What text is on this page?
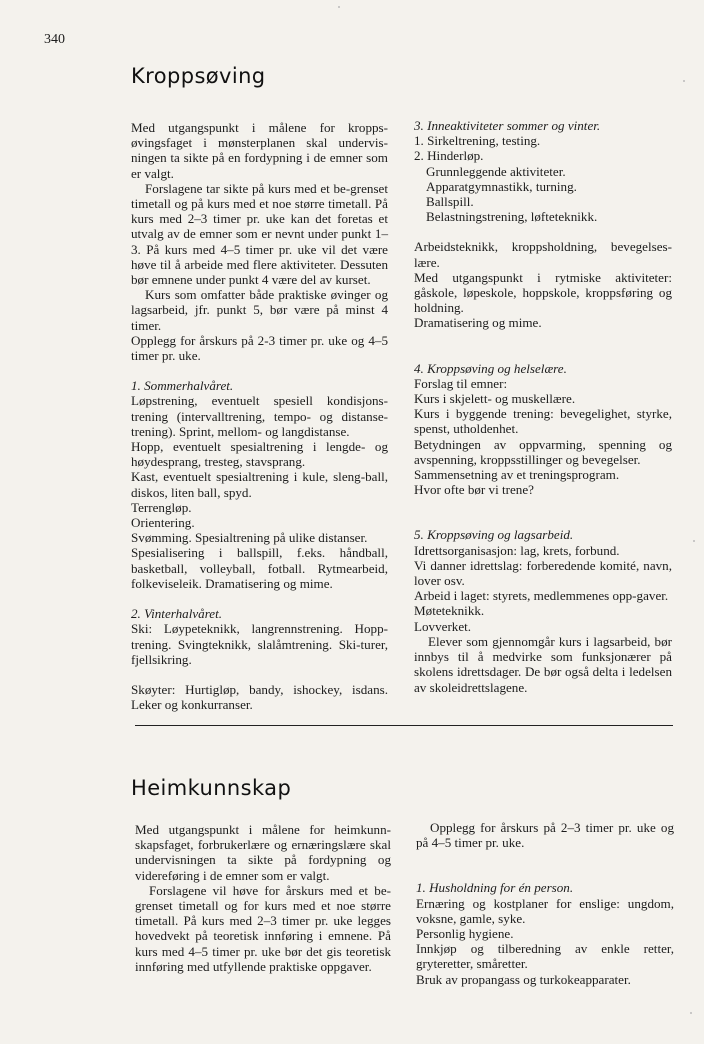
340
Kroppsøving

Med utgangspunkt i målene for kropps-øvingsfaget i mønsterplanen skal undervis-ningen ta sikte på en fordypning i de emner som er valgt.

Forslagene tar sikte på kurs med et be-grenset timetall og på kurs med et noe større timetall. På kurs med 2–3 timer pr. uke kan det foretas et utvalg av de emner som er nevnt under punkt 1–3. På kurs med 4–5 timer pr. uke vil det være høve til å arbeide med flere aktiviteter. Dessuten bør emnene under punkt 4 være del av kurset.

Kurs som omfatter både praktiske øvinger og lagsarbeid, jfr. punkt 5, bør være på minst 4 timer.

Opplegg for årskurs på 2-3 timer pr. uke og 4–5 timer pr. uke.

1. Sommerhalvåret.

Løpstrening, eventuelt spesiell kondisjons-trening (intervalltrening, tempo- og distanse-trening). Sprint, mellom- og langdistanse.

Hopp, eventuelt spesialtrening i lengde- og høydesprang, tresteg, stavsprang.

Kast, eventuelt spesialtrening i kule, sleng-ball, diskos, liten ball, spyd.

Terrengløp.

Orientering.

Svømming. Spesialtrening på ulike distanser.

Spesialisering i ballspill, f.eks. håndball, basketball, volleyball, fotball. Rytmearbeid, folkeviseleik. Dramatisering og mime.

2. Vinterhalvåret.

Ski: Løypeteknikk, langrennstrening. Hopp-trening. Svingteknikk, slalåmtrening. Ski-turer, fjellsikring.

Skøyter: Hurtigløp, bandy, ishockey, isdans. Leker og konkurranser.

3. Inneaktiviteter sommer og vinter.

1. Sirkeltrening, testing.

2. Hinderløp.

Grunnleggende aktiviteter.

Apparatgymnastikk, turning.

Ballspill.

Belastningstrening, løfteteknikk.

Arbeidsteknikk, kroppsholdning, bevegelses-lære.

Med utgangspunkt i rytmiske aktiviteter: gåskole, løpeskole, hoppskole, kroppsføring og holdning.

Dramatisering og mime.

4. Kroppsøving og helselære.

Forslag til emner:

Kurs i skjelett- og muskellære.

Kurs i byggende trening: bevegelighet, styrke, spenst, utholdenhet.

Betydningen av oppvarming, spenning og avspenning, kroppsstillinger og bevegelser.

Sammensetning av et treningsprogram.

Hvor ofte bør vi trene?

5. Kroppsøving og lagsarbeid.

Idrettsorganisasjon: lag, krets, forbund.

Vi danner idrettslag: forberedende komité, navn, lover osv.

Arbeid i laget: styrets, medlemmenes opp-gaver.

Møteteknikk.

Lovverket.

Elever som gjennomgår kurs i lagsarbeid, bør innbys til å medvirke som funksjonærer på skolens idrettsdager. De bør også delta i ledelsen av skoleidrettslagene.

Heimkunnskap

Med utgangspunkt i målene for heimkunn-skapsfaget, forbrukerlære og ernæringslære skal undervisningen ta sikte på fordypning og videreføring i de emner som er valgt.

Forslagene vil høve for årskurs med et be-grenset timetall og for kurs med et noe større timetall. På kurs med 2–3 timer pr. uke legges hovedvekt på teoretisk innføring i emnene. På kurs med 4–5 timer pr. uke bør det gis teoretisk innføring med utfyllende praktiske oppgaver.

Opplegg for årskurs på 2–3 timer pr. uke og på 4–5 timer pr. uke.

1. Husholdning for én person.

Ernæring og kostplaner for enslige: ungdom, voksne, gamle, syke.

Personlig hygiene.

Innkjøp og tilberedning av enkle retter, gryteretter, småretter.

Bruk av propangass og turkokeapparater.
